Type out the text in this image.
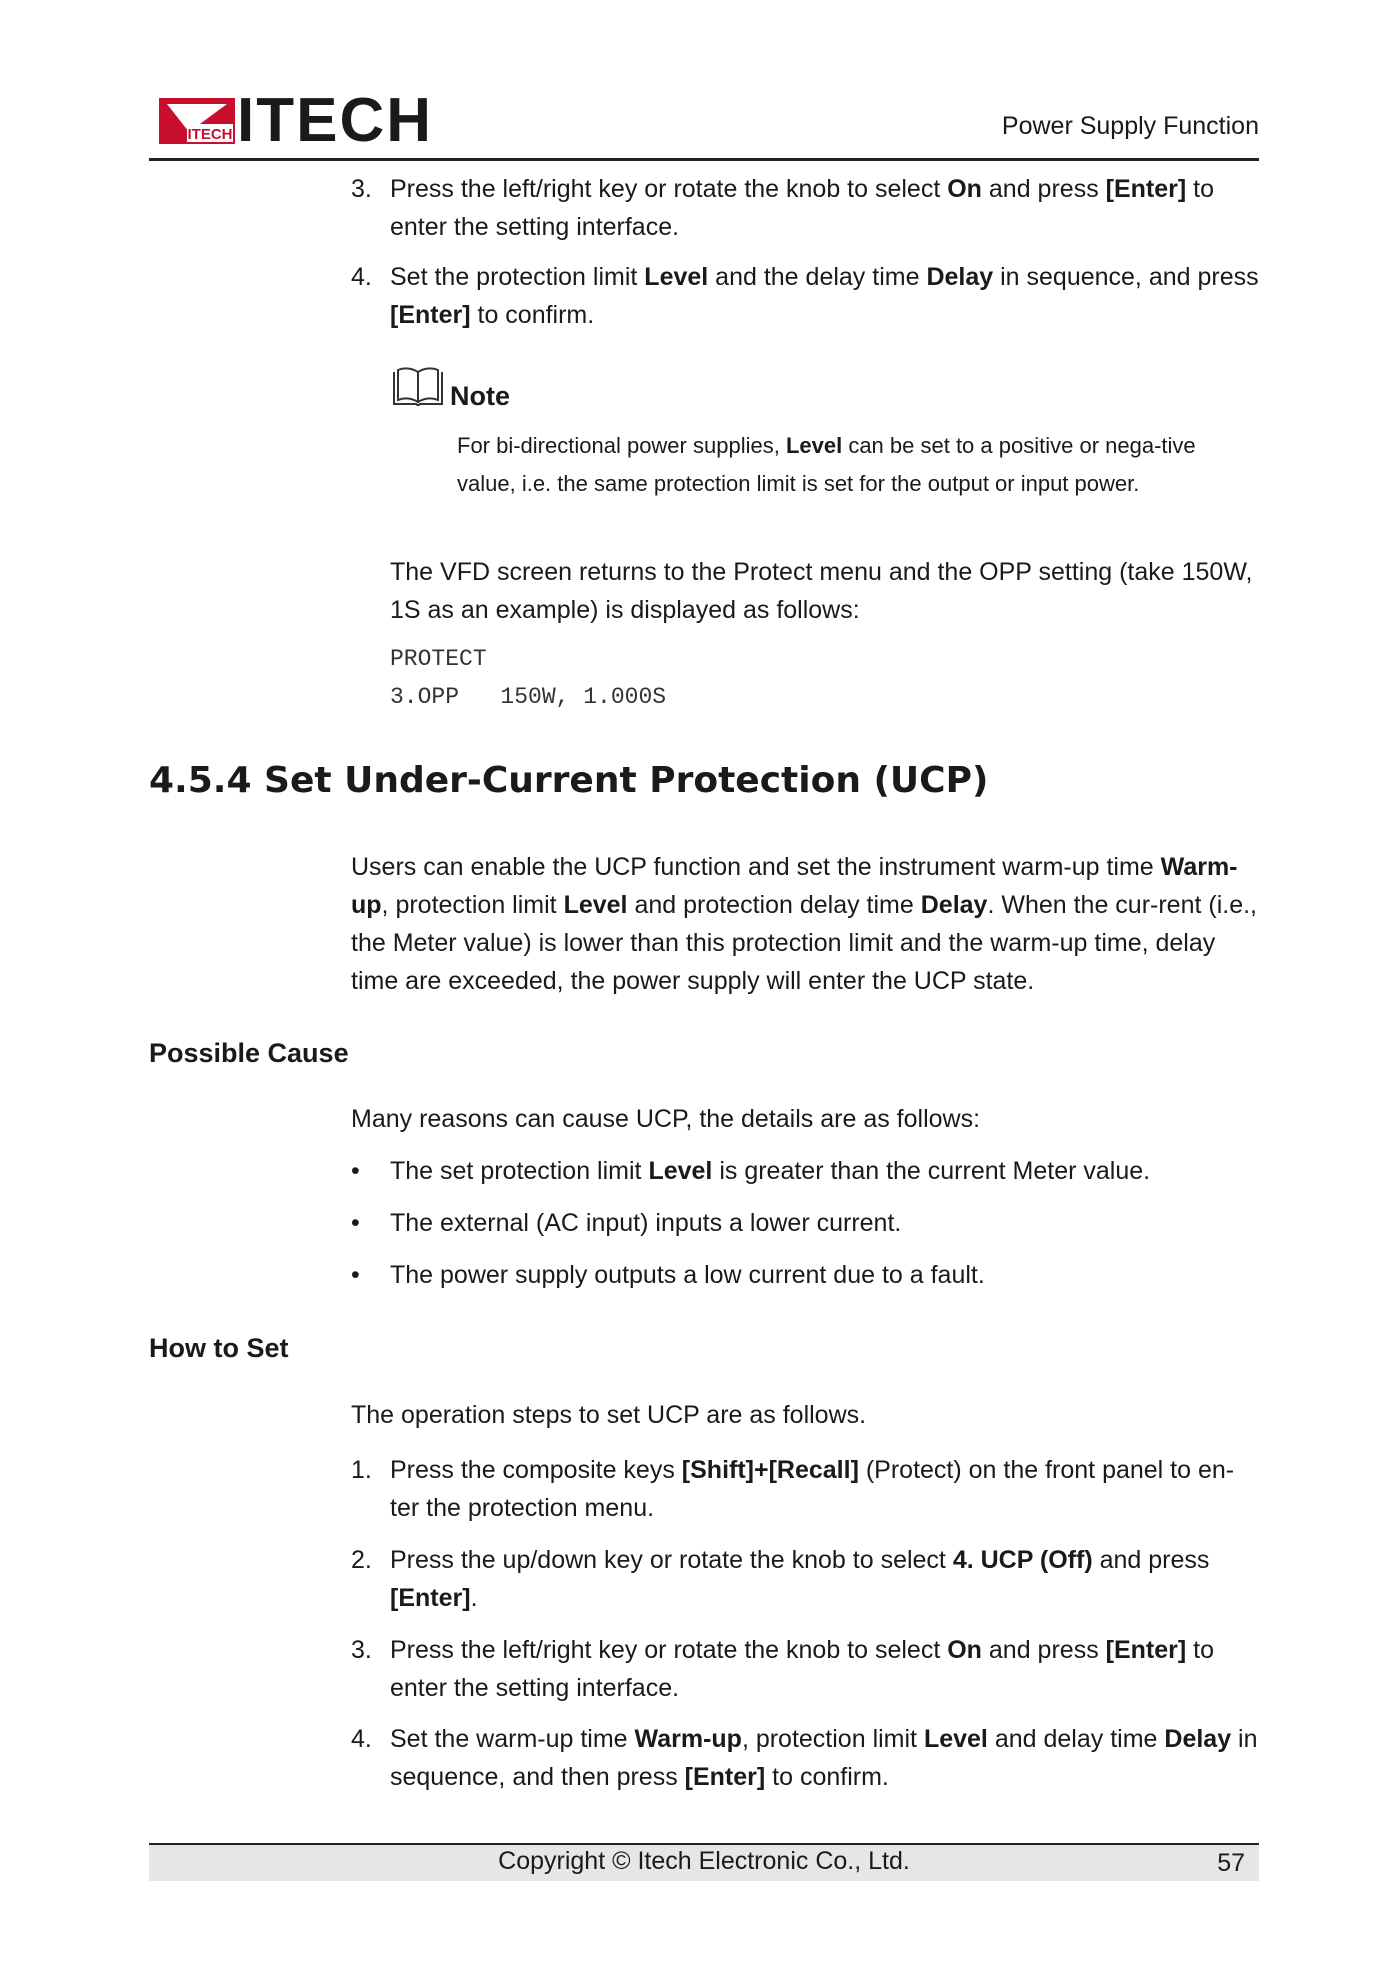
ITECH ITECH	Power Supply Function
3. Press the left/right key or rotate the knob to select On and press [Enter] to enter the setting interface.
4. Set the protection limit Level and the delay time Delay in sequence, and press [Enter] to confirm.
Note
For bi-directional power supplies, Level can be set to a positive or nega-tive value, i.e. the same protection limit is set for the output or input power.
The VFD screen returns to the Protect menu and the OPP setting (take 150W, 1S as an example) is displayed as follows:
PROTECT
3.OPP   150W, 1.000S
4.5.4 Set Under-Current Protection (UCP)
Users can enable the UCP function and set the instrument warm-up time Warm-up, protection limit Level and protection delay time Delay. When the cur-rent (i.e., the Meter value) is lower than this protection limit and the warm-up time, delay time are exceeded, the power supply will enter the UCP state.
Possible Cause
Many reasons can cause UCP, the details are as follows:
•	The set protection limit Level is greater than the current Meter value.
•	The external (AC input) inputs a lower current.
•	The power supply outputs a low current due to a fault.
How to Set
The operation steps to set UCP are as follows.
1. Press the composite keys [Shift]+[Recall] (Protect) on the front panel to en-ter the protection menu.
2. Press the up/down key or rotate the knob to select 4. UCP (Off) and press [Enter].
3. Press the left/right key or rotate the knob to select On and press [Enter] to enter the setting interface.
4. Set the warm-up time Warm-up, protection limit Level and delay time Delay in sequence, and then press [Enter] to confirm.
Copyright © Itech Electronic Co., Ltd.	57
